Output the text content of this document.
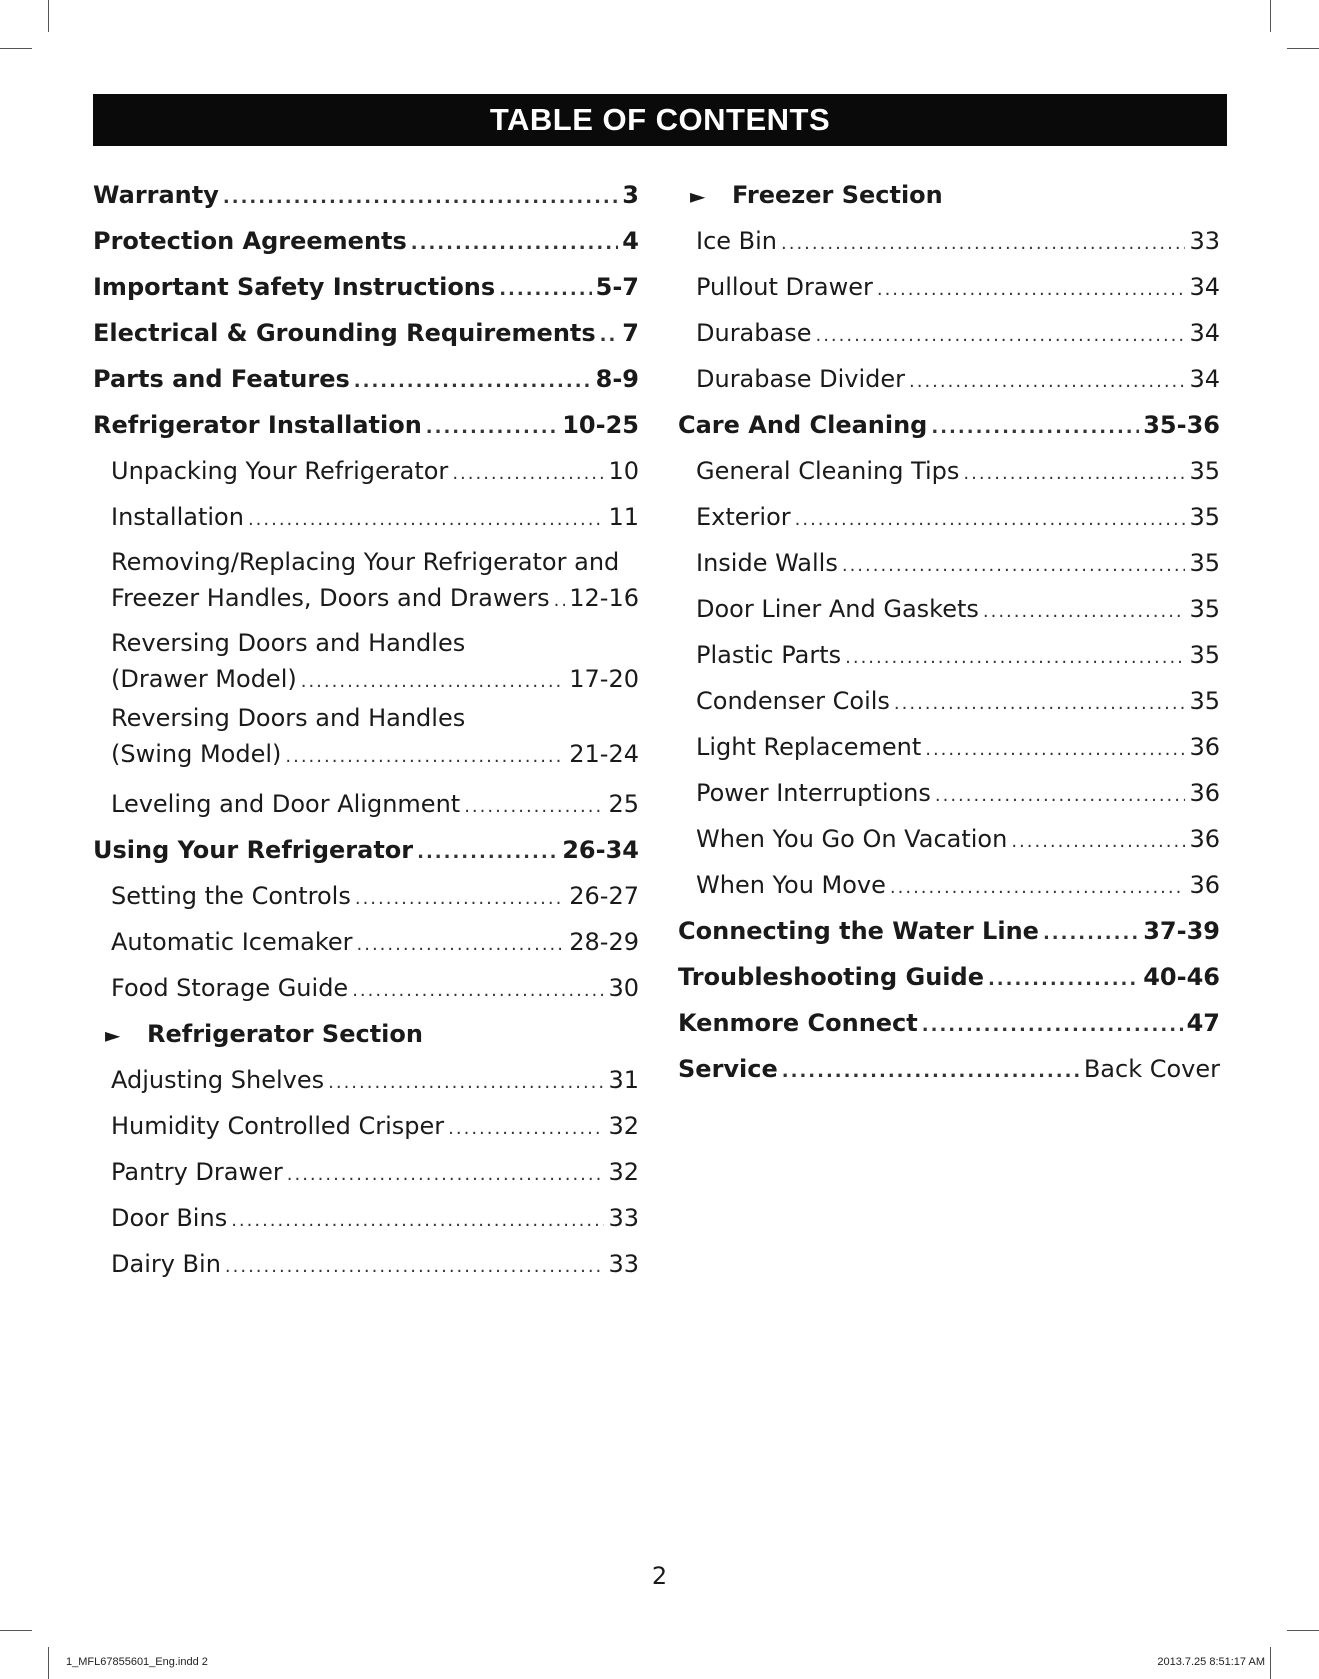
TABLE OF CONTENTS
Warranty .....	3
Protection Agreements .....	4
Important Safety Instructions .....	5-7
Electrical & Grounding Requirements ..... 7
Parts and Features .....	8-9
Refrigerator Installation .....	10-25
Unpacking Your Refrigerator .....	10
Installation .....	11
Removing/Replacing Your Refrigerator and
Freezer Handles, Doors and Drawers ..... 12-16
Reversing Doors and Handles
(Drawer Model) .....	17-20
Reversing Doors and Handles
(Swing Model) .....	21-24
Leveling and Door Alignment .....	25
Using Your Refrigerator .....	26-34
Setting the Controls .....	26-27
Automatic Icemaker .....	28-29
Food Storage Guide .....	30
►	Refrigerator Section
Adjusting Shelves .....	31
Humidity Controlled Crisper .....	32
Pantry Drawer .....	32
Door Bins .....	33
Dairy Bin .....	33
►	Freezer Section
Ice Bin .....	33
Pullout Drawer .....	34
Durabase .....	34
Durabase Divider .....	34
Care And Cleaning .....	35-36
General Cleaning Tips .....	35
Exterior .....	35
Inside Walls .....	35
Door Liner And Gaskets .....	35
Plastic Parts .....	35
Condenser Coils .....	35
Light Replacement .....	36
Power Interruptions .....	36
When You Go On Vacation .....	36
When You Move .....	36
Connecting the Water Line .....	37-39
Troubleshooting Guide .....	40-46
Kenmore Connect .....	47
Service .....	Back Cover
2
1_MFL67855601_Eng.indd 2	2013.7.25 8:51:17 AM
